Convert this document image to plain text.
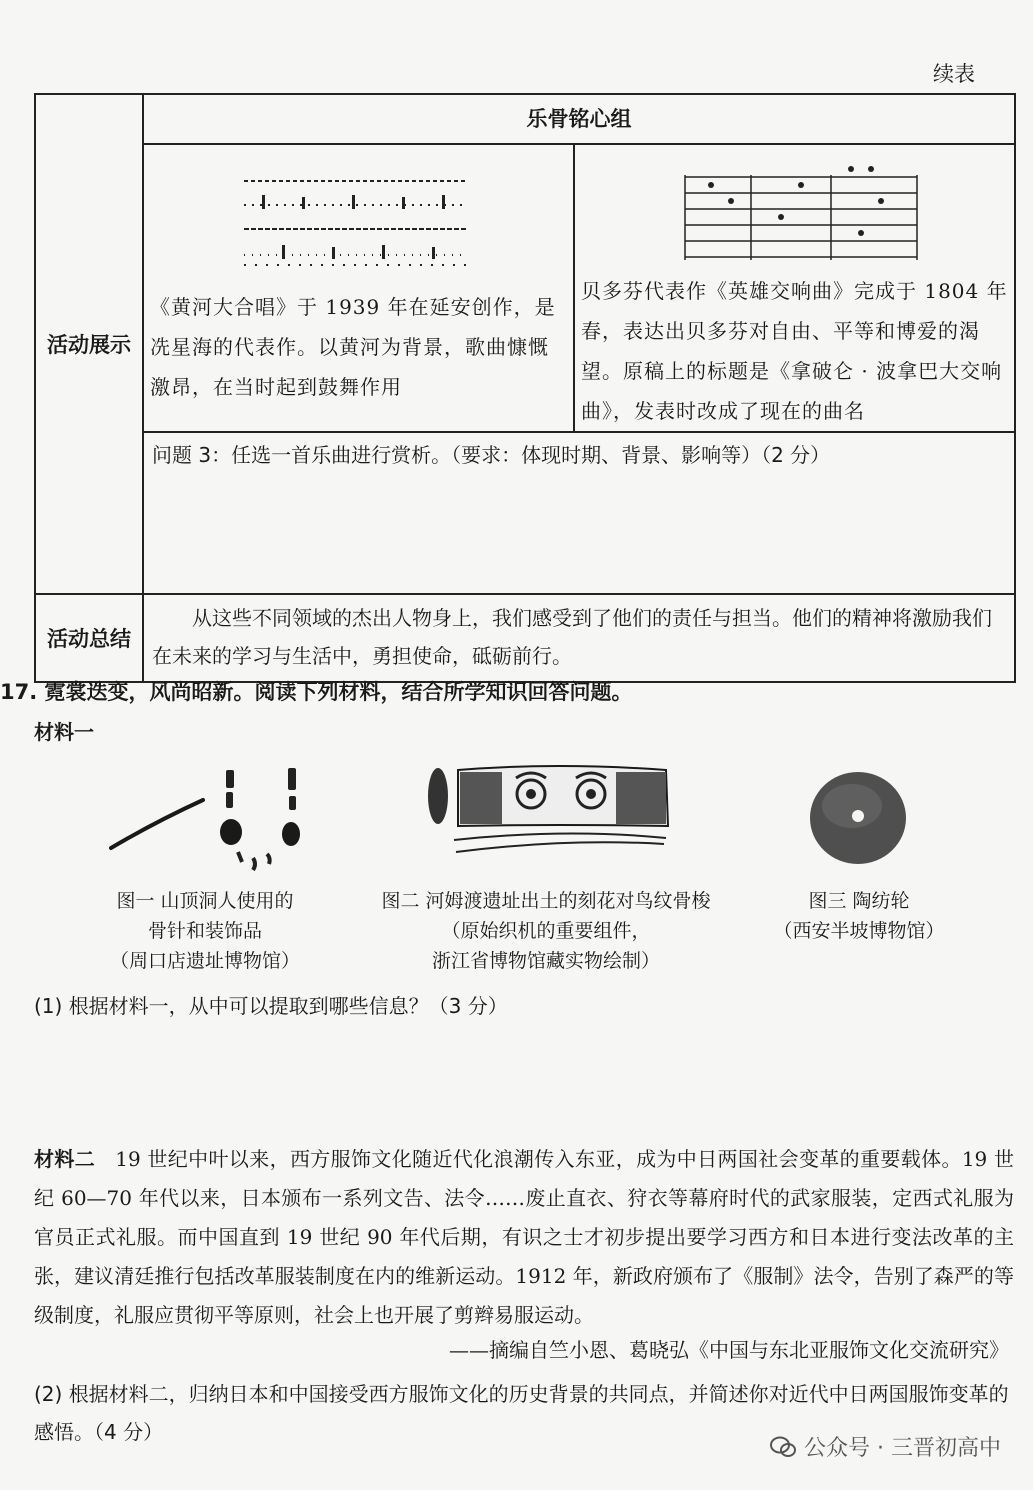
续表
活动展示	乐骨铭心组	

	《黄河大合唱》于 1939 年在延安创作，是冼星海的代表作。以黄河为背景，歌曲慷慨激昂，在当时起到鼓舞作用	贝多芬代表作《英雄交响曲》完成于 1804 年春，表达出贝多芬对自由、平等和博爱的渴望。原稿上的标题是《拿破仑 · 波拿巴大交响曲》，发表时改成了现在的曲名

	问题 3：任选一首乐曲进行赏析。（要求：体现时期、背景、影响等）（2 分）	
活动总结	从这些不同领域的杰出人物身上，我们感受到了他们的责任与担当。他们的精神将激励我们在未来的学习与生活中，勇担使命，砥砺前行。	
17. 霓裳迭变，风尚昭新。阅读下列材料，结合所学知识回答问题。
材料一
图一 山顶洞人使用的
骨针和装饰品
（周口店遗址博物馆）
图二 河姆渡遗址出土的刻花对鸟纹骨梭
（原始织机的重要组件，
浙江省博物馆藏实物绘制）
图三 陶纺轮
（西安半坡博物馆）
(1) 根据材料一，从中可以提取到哪些信息？（3 分）
材料二 19 世纪中叶以来，西方服饰文化随近代化浪潮传入东亚，成为中日两国社会变革的重要载体。19 世纪 60—70 年代以来，日本颁布一系列文告、法令……废止直衣、狩衣等幕府时代的武家服装，定西式礼服为官员正式礼服。而中国直到 19 世纪 90 年代后期，有识之士才初步提出要学习西方和日本进行变法改革的主张，建议清廷推行包括改革服装制度在内的维新运动。1912 年，新政府颁布了《服制》法令，告别了森严的等级制度，礼服应贯彻平等原则，社会上也开展了剪辫易服运动。
——摘编自竺小恩、葛晓弘《中国与东北亚服饰文化交流研究》
(2) 根据材料二，归纳日本和中国接受西方服饰文化的历史背景的共同点，并简述你对近代中日两国服饰变革的感悟。（4 分）
公众号 · 三晋初高中
